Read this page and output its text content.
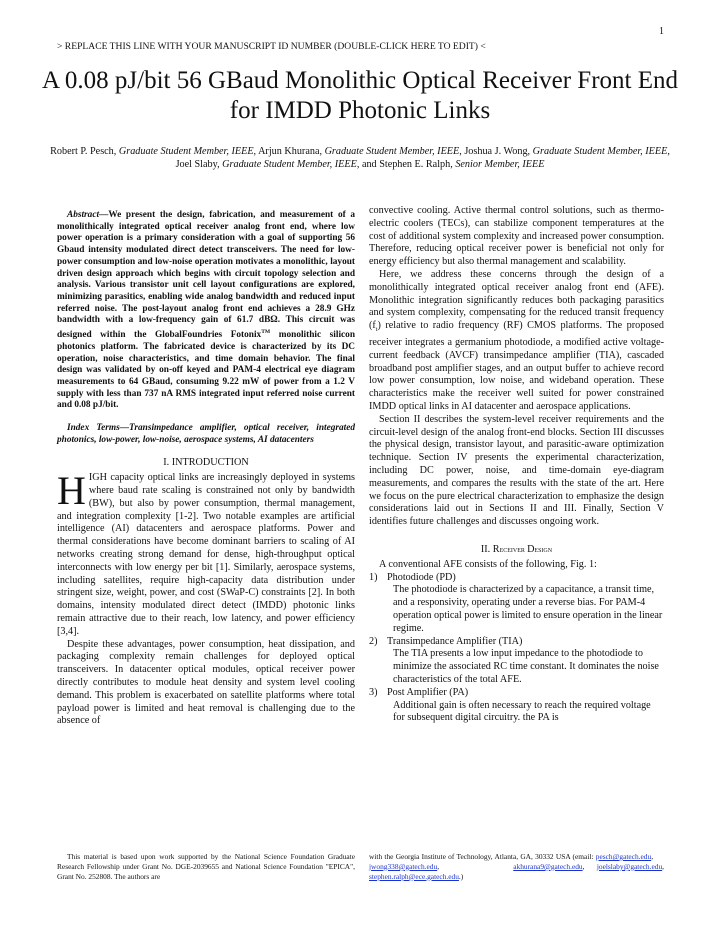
1
> REPLACE THIS LINE WITH YOUR MANUSCRIPT ID NUMBER (DOUBLE-CLICK HERE TO EDIT) <
A 0.08 pJ/bit 56 GBaud Monolithic Optical Receiver Front End for IMDD Photonic Links
Robert P. Pesch, Graduate Student Member, IEEE, Arjun Khurana, Graduate Student Member, IEEE, Joshua J. Wong, Graduate Student Member, IEEE, Joel Slaby, Graduate Student Member, IEEE, and Stephen E. Ralph, Senior Member, IEEE

Abstract—We present the design, fabrication, and measurement of a monolithically integrated optical receiver analog front end, where low power operation is a primary consideration with a goal of supporting 56 Gbaud intensity modulated direct detect transceivers. The need for low-power consumption and low-noise operation motivates a monolithic, layout driven design approach which begins with circuit topology selection and analysis. Various transistor unit cell layout configurations are explored, minimizing parasitics, enabling wide analog bandwidth and reduced input referred noise. The post-layout analog front end achieves a 28.9 GHz bandwidth with a low-frequency gain of 61.7 dBΩ. This circuit was designed within the GlobalFoundries Fotonix™ monolithic silicon photonics platform. The fabricated device is characterized by its DC operation, noise characteristics, and time domain behavior. The final design was validated by on-off keyed and PAM-4 electrical eye diagram measurements to 64 GBaud, consuming 9.22 mW of power from a 1.2 V supply with less than 737 nA RMS integrated input referred noise current and 0.08 pJ/bit.

Index Terms—Transimpedance amplifier, optical receiver, integrated photonics, low-power, low-noise, aerospace systems, AI datacenters

I. INTRODUCTION

HIGH capacity optical links are increasingly deployed in systems where baud rate scaling is constrained not only by bandwidth (BW), but also by power consumption, thermal management, and integration complexity [1-2]. Two notable examples are artificial intelligence (AI) datacenters and aerospace platforms. Power and thermal considerations have become dominant barriers to scaling of AI networks creating strong demand for dense, high-throughput optical interconnects with low energy per bit [1]. Similarly, aerospace systems, including satellites, require high-capacity data distribution under stringent size, weight, power, and cost (SWaP-C) constraints [2]. In both domains, intensity modulated direct detect (IMDD) photonic links remain attractive due to their reach, low latency, and power efficiency [3,4].

Despite these advantages, power consumption, heat dissipation, and packaging complexity remain challenges for deployed optical transceivers. In datacenter optical modules, optical receiver power directly contributes to module heat density and system level cooling demand. This problem is exacerbated on satellite platforms where total payload power is limited and heat removal is challenging due to the absence of

convective cooling. Active thermal control solutions, such as thermo-electric coolers (TECs), can stabilize component temperatures at the cost of additional system complexity and increased power consumption. Therefore, reducing optical receiver power is beneficial not only for energy efficiency but also thermal management and scalability.

Here, we address these concerns through the design of a monolithically integrated optical receiver analog front end (AFE). Monolithic integration significantly reduces both packaging parasitics and system complexity, compensating for the reduced transit frequency $(f_t)$ relative to radio frequency (RF) CMOS platforms. The proposed receiver integrates a germanium photodiode, a modified active voltage-current feedback (AVCF) transimpedance amplifier (TIA), cascaded broadband post amplifier stages, and an output buffer to achieve record low power consumption, low noise, and wideband operation. These characteristics make the receiver well suited for power constrained IMDD optical links in AI datacenter and aerospace applications.

Section II describes the system-level receiver requirements and the circuit-level design of the analog front-end blocks. Section III discusses the physical design, transistor layout, and parasitic-aware optimization technique. Section IV presents the experimental characterization, including DC power, noise, and time-domain eye-diagram measurements, and compares the results with the state of the art. Here we focus on the pure electrical characterization to emphasize the design considerations laid out in Sections II and III. Finally, Section V identifies future challenges and discusses ongoing work.

II. Receiver Design

A conventional AFE consists of the following, Fig. 1:

1) Photodiode (PD)
The photodiode is characterized by a capacitance, a transit time, and a responsivity, operating under a reverse bias. For PAM-4 operation optical power is limited to ensure operation in the linear regime.
2) Transimpedance Amplifier (TIA)
The TIA presents a low input impedance to the photodiode to minimize the associated RC time constant. It dominates the noise characteristics of the total AFE.
3) Post Amplifier (PA)
Additional gain is often necessary to reach the required voltage for subsequent digital circuitry. the PA is
This material is based upon work supported by the National Science Foundation Graduate Research Fellowship under Grant No. DGE-2039655 and National Science Foundation "EPICA", Grant No. 252808. The authors are
with the Georgia Institute of Technology, Atlanta, GA, 30332 USA (email: pesch@gatech.edu,      jwong338@gatech.edu,      akhurana9@gatech.edu, joelslaby@gatech.edu, stephen.ralph@ece.gatech.edu.)
